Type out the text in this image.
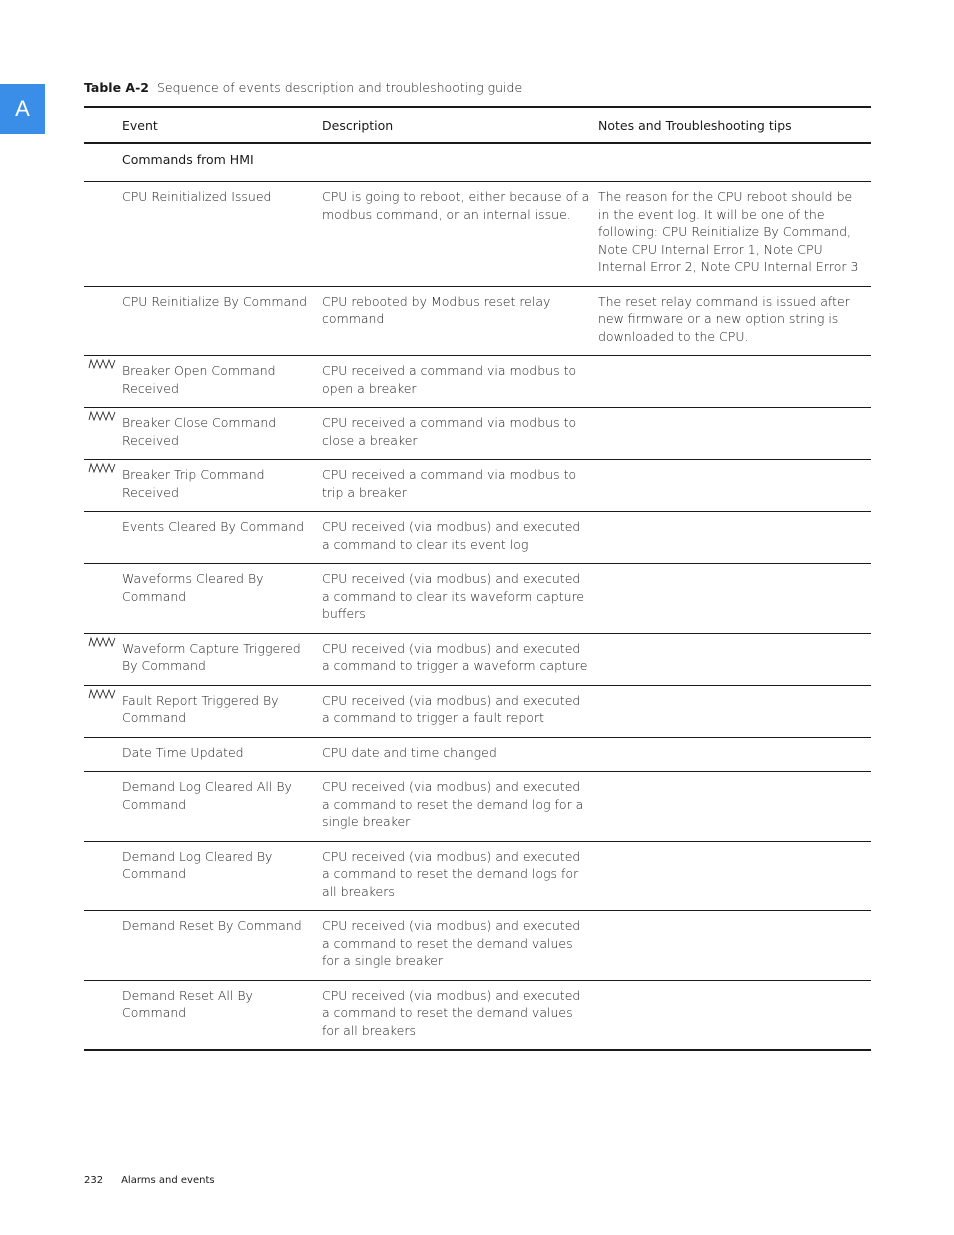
A
Table A-2 Sequence of events description and troubleshooting guide
	Event	Description	Notes and Troubleshooting tips
	Commands from HMI		
	CPU Reinitialized Issued	CPU is going to reboot, either because of a modbus command, or an internal issue.	The reason for the CPU reboot should be in the event log. It will be one of the following: CPU Reinitialize By Command, Note CPU Internal Error 1, Note CPU Internal Error 2, Note CPU Internal Error 3
	CPU Reinitialize By Command	CPU rebooted by Modbus reset relay command	The reset relay command is issued after new firmware or a new option string is downloaded to the CPU.

	Breaker Open Command Received	CPU received a command via modbus to open a breaker	

	Breaker Close Command Received	CPU received a command via modbus to close a breaker	

	Breaker Trip Command Received	CPU received a command via modbus to trip a breaker	
	Events Cleared By Command	CPU received (via modbus) and executed a command to clear its event log	
	Waveforms Cleared By Command	CPU received (via modbus) and executed a command to clear its waveform capture buffers	

	Waveform Capture Triggered By Command	CPU received (via modbus) and executed a command to trigger a waveform capture	

	Fault Report Triggered By Command	CPU received (via modbus) and executed a command to trigger a fault report	
	Date Time Updated	CPU date and time changed	
	Demand Log Cleared All By Command	CPU received (via modbus) and executed a command to reset the demand log for a single breaker	
	Demand Log Cleared By Command	CPU received (via modbus) and executed a command to reset the demand logs for all breakers	
	Demand Reset By Command	CPU received (via modbus) and executed a command to reset the demand values for a single breaker	
	Demand Reset All By Command	CPU received (via modbus) and executed a command to reset the demand values for all breakers	
232 Alarms and events
